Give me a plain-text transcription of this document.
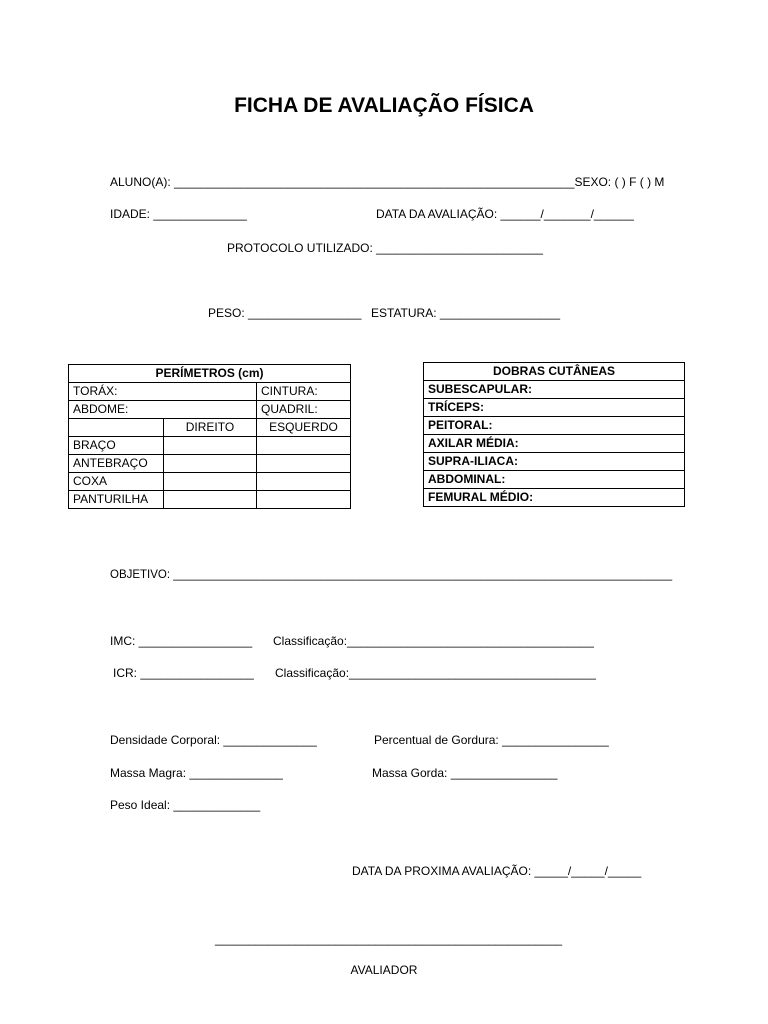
FICHA DE AVALIAÇÃO FÍSICA
ALUNO(A): ____________________________________________________________SEXO: ( ) F ( ) M
IDADE: ______________	DATA DA AVALIAÇÃO: ______/_______/______
PROTOCOLO UTILIZADO: _________________________
PESO: _________________ ESTATURA: __________________
PERÍMETROS (cm)		
TORÁX:		CINTURA:
ABDOME:		QUADRIL:
	DIREITO	ESQUERDO
BRAÇO		
ANTEBRAÇO		
COXA		
PANTURILHA		
DOBRAS CUTÂNEAS
SUBESCAPULAR:
TRÍCEPS:
PEITORAL:
AXILAR MÉDIA:
SUPRA-ILIACA:
ABDOMINAL:
FEMURAL MÉDIO:
OBJETIVO: ______________________________________________________________________________
IMC: _________________ Classificação:_____________________________________
ICR: _________________ Classificação:_____________________________________
Densidade Corporal: ______________	Percentual de Gordura: ________________
Massa Magra: ______________	Massa Gorda: ________________
Peso Ideal: _____________
DATA DA PROXIMA AVALIAÇÃO: _____/_____/_____
____________________________________________________
AVALIADOR
